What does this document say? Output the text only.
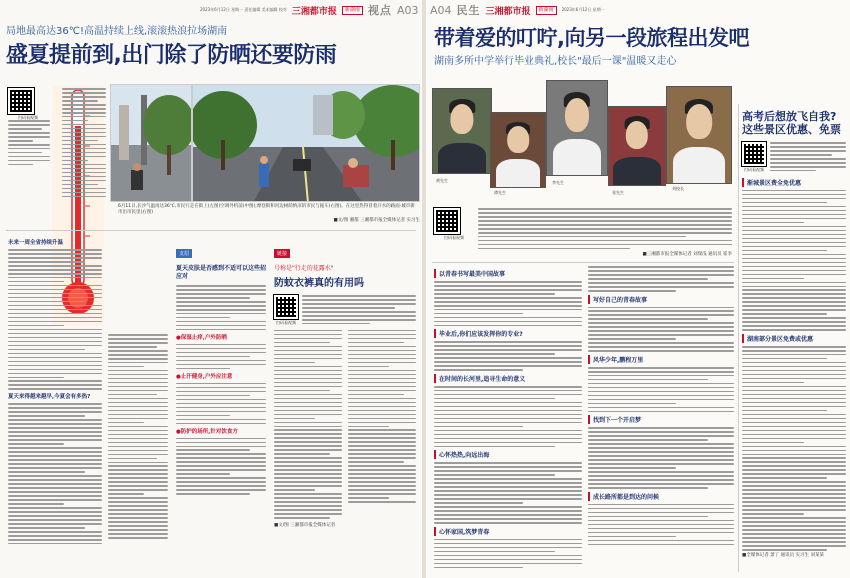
2023年6月12日 星期一 责任编辑 美术编辑 校对 三湘都市报	新湖南 视点 A03
局地最高达36℃!高温持续上线,滚滚热浪拉场湖南
盛夏提前到,出门除了防晒还要防雨
扫码看视频
6月11日,长沙气温再达36℃,市民行走在街上(左图)空调外机前(中图);摩登街和河边树荫纳凉的市民与拖车(右图)。在这里热得冒着汗水的路面·城市街市出市民里(右图)
■文/图 湘都 三湘都市报全媒体记者 实习生
未来一周全省持续升温
夏天来得越来越早,今夏会有多热?
支招
夏天皮肤是否感到不适可以这些招应对
●保湿止痒,户外防晒
●止汗健身,户外应注意
●防护的场所,针对饮食方
链接
号称是"行走的花露水"
防蚊衣裤真的有用吗
扫码看视频
■文/图 三湘都市报全媒体记者
A04 民生 三湘都市报	新湖南	2023年6月12日 星期一
带着爱的叮咛,向另一段旅程出发吧
湖南多所中学举行毕业典礼,校长"最后一课"温暖又走心
黄先生
谭先生
李先生
张先生
刘校长
扫码看视频
■三湘都市报全媒体记者 刘瑞浅 通讯员 崔李
以青春书写最美中国故事
毕业后,你们应该发挥你的专业?
在时间的长河里,追寻生命的意义
心怀热热,向远出海
心怀家国,筑梦青春
写好自己的青春故事
风华少年,鹏程万里
找到下一个开启梦
成长路所都是到达的问候
高考后想放飞自我?这些景区优惠、免票
扫码看视频
渐城景区费全免优惠
湖南部分景区免费或优惠
■全媒体记者 萧丁 通讯员 实习生 刘某某
